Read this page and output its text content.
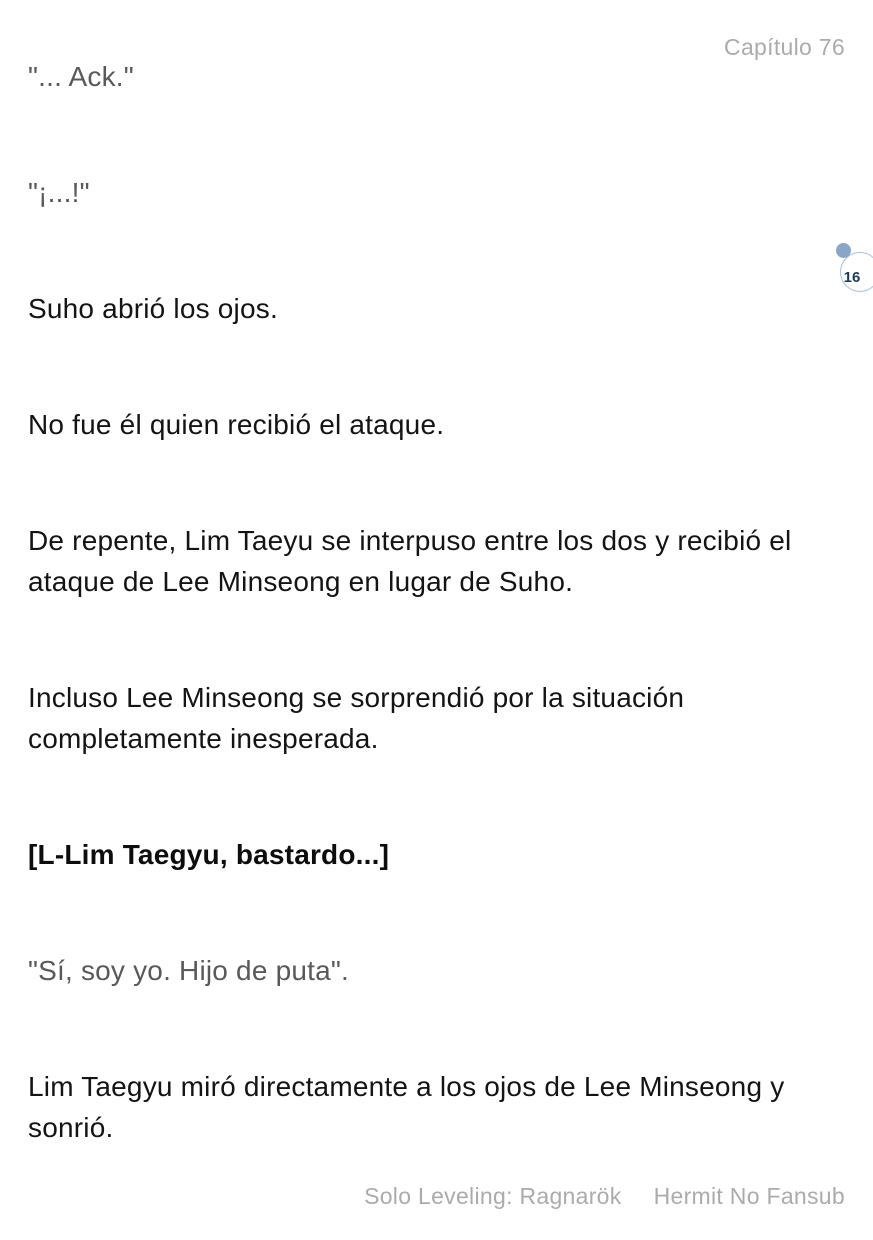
Capítulo 76

"... Ack."

"¡...!"

Suho abrió los ojos.

No fue él quien recibió el ataque.

De repente, Lim Taeyu se interpuso entre los dos y recibió el ataque de Lee Minseong en lugar de Suho.

Incluso Lee Minseong se sorprendió por la situación completamente inesperada.

[L-Lim Taegyu, bastardo...]

"Sí, soy yo. Hijo de puta".

Lim Taegyu miró directamente a los ojos de Lee Minseong y sonrió.

16
Solo Leveling: Ragnarök Hermit No Fansub
